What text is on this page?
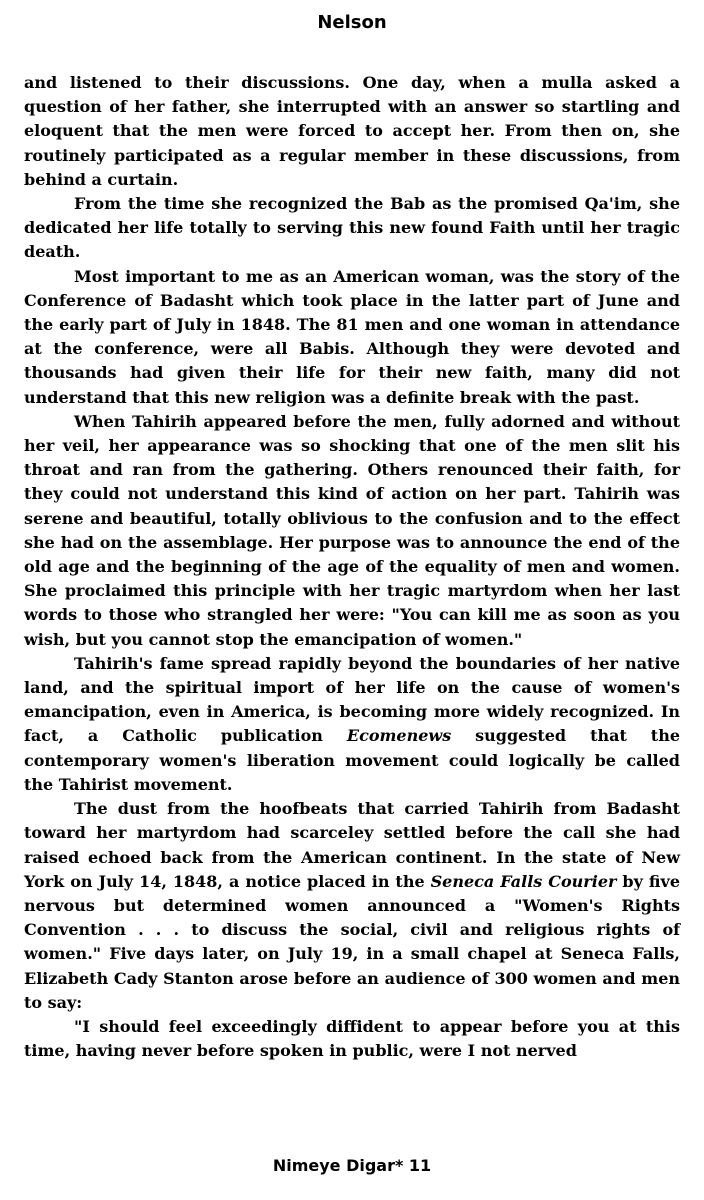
Nelson

and listened to their discussions. One day, when a mulla asked a question of her father, she interrupted with an answer so startling and eloquent that the men were forced to accept her. From then on, she routinely participated as a regular member in these discussions, from behind a curtain.

From the time she recognized the Bab as the promised Qa'im, she dedicated her life totally to serving this new found Faith until her tragic death.

Most important to me as an American woman, was the story of the Conference of Badasht which took place in the latter part of June and the early part of July in 1848. The 81 men and one woman in attendance at the conference, were all Babis. Although they were devoted and thousands had given their life for their new faith, many did not understand that this new religion was a definite break with the past.

When Tahirih appeared before the men, fully adorned and without her veil, her appearance was so shocking that one of the men slit his throat and ran from the gathering. Others renounced their faith, for they could not understand this kind of action on her part. Tahirih was serene and beautiful, totally oblivious to the confusion and to the effect she had on the assemblage. Her purpose was to announce the end of the old age and the beginning of the age of the equality of men and women. She proclaimed this principle with her tragic martyrdom when her last words to those who strangled her were: "You can kill me as soon as you wish, but you cannot stop the emancipation of women."

Tahirih's fame spread rapidly beyond the boundaries of her native land, and the spiritual import of her life on the cause of women's emancipation, even in America, is becoming more widely recognized. In fact, a Catholic publication Ecomenews suggested that the contemporary women's liberation movement could logically be called the Tahirist movement.

The dust from the hoofbeats that carried Tahirih from Badasht toward her martyrdom had scarceley settled before the call she had raised echoed back from the American continent. In the state of New York on July 14, 1848, a notice placed in the Seneca Falls Courier by five nervous but determined women announced a "Women's Rights Convention . . . to discuss the social, civil and religious rights of women." Five days later, on July 19, in a small chapel at Seneca Falls, Elizabeth Cady Stanton arose before an audience of 300 women and men to say:

"I should feel exceedingly diffident to appear before you at this time, having never before spoken in public, were I not nerved

Nimeye Digar* 11
